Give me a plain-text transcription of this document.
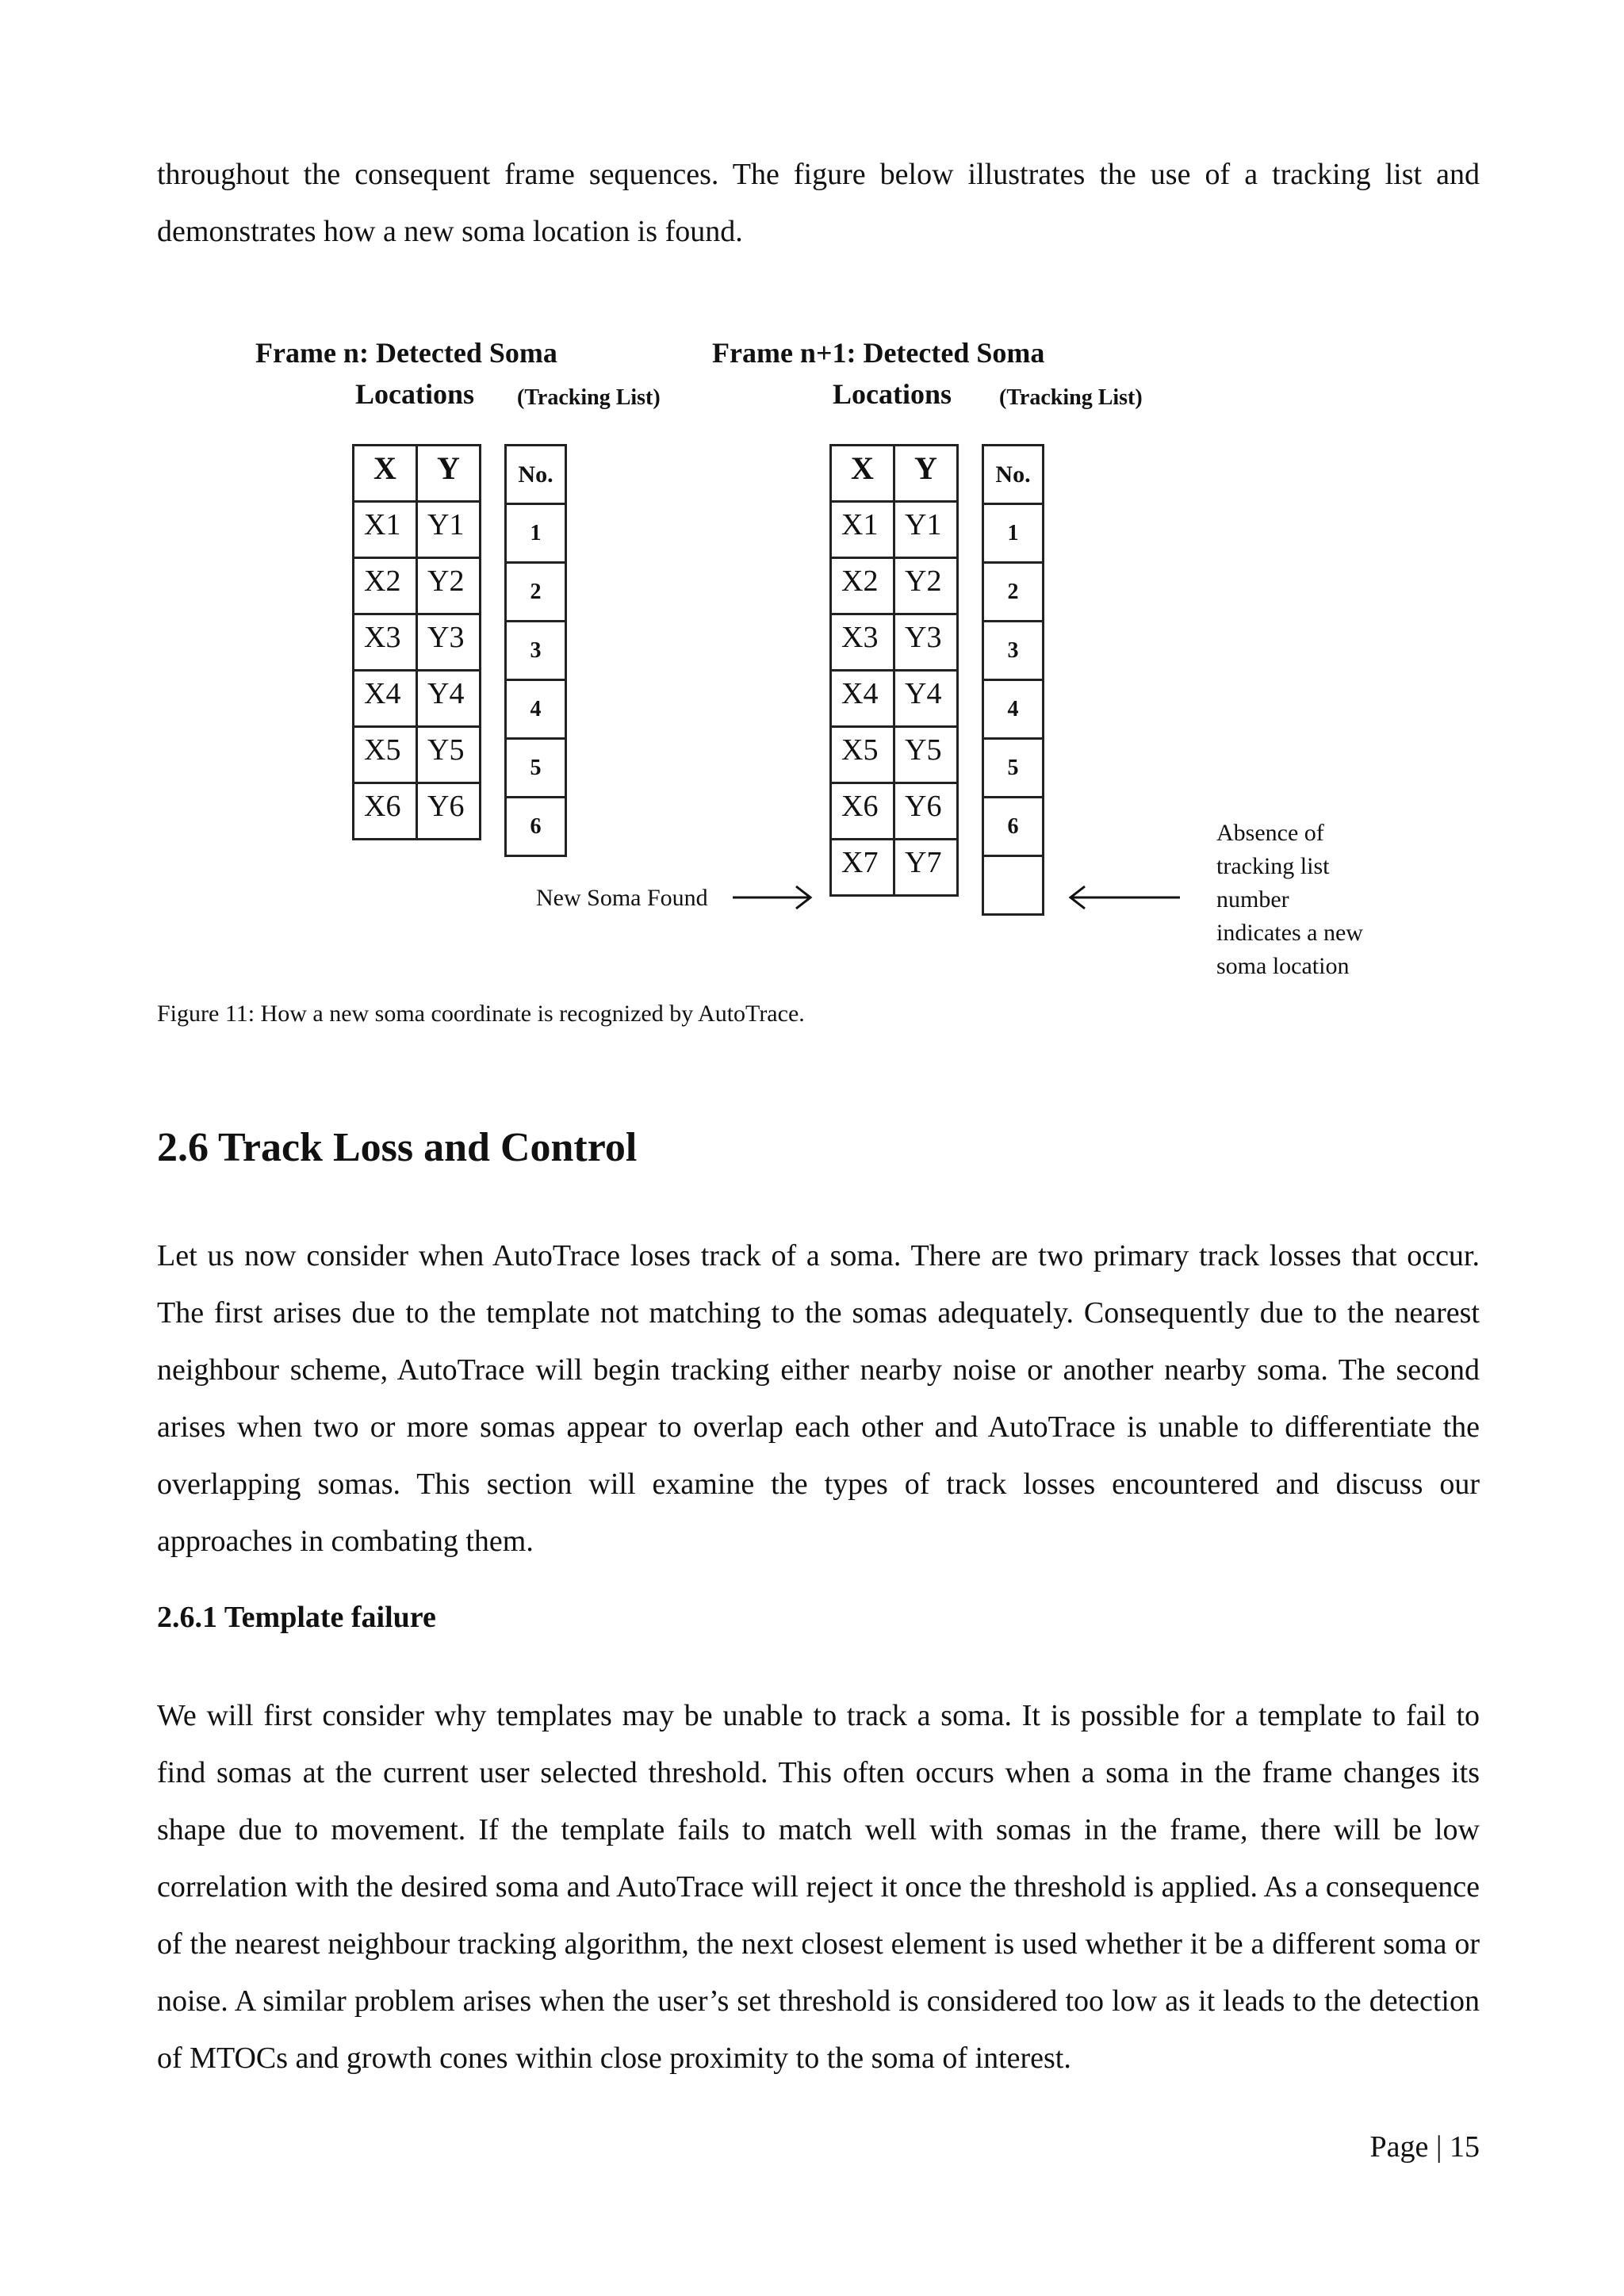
throughout the consequent frame sequences. The figure below illustrates the use of a tracking list and demonstrates how a new soma location is found.

Frame n: Detected Soma
Locations (Tracking List)
X	Y
X1	Y1
X2	Y2
X3	Y3
X4	Y4
X5	Y5
X6	Y6
No.
1
2
3
4
5
6
Frame n+1: Detected Soma
Locations (Tracking List)
X	Y
X1	Y1
X2	Y2
X3	Y3
X4	Y4
X5	Y5
X6	Y6
X7	Y7
No.
1
2
3
4
5
6

New Soma Found
Absence of
tracking list
number
indicates a new
soma location
Figure 11: How a new soma coordinate is recognized by AutoTrace.
2.6 Track Loss and Control

Let us now consider when AutoTrace loses track of a soma. There are two primary track losses that occur. The first arises due to the template not matching to the somas adequately. Consequently due to the nearest neighbour scheme, AutoTrace will begin tracking either nearby noise or another nearby soma. The second arises when two or more somas appear to overlap each other and AutoTrace is unable to differentiate the overlapping somas. This section will examine the types of track losses encountered and discuss our approaches in combating them.

2.6.1 Template failure

We will first consider why templates may be unable to track a soma. It is possible for a template to fail to find somas at the current user selected threshold. This often occurs when a soma in the frame changes its shape due to movement. If the template fails to match well with somas in the frame, there will be low correlation with the desired soma and AutoTrace will reject it once the threshold is applied. As a consequence of the nearest neighbour tracking algorithm, the next closest element is used whether it be a different soma or noise. A similar problem arises when the user’s set threshold is considered too low as it leads to the detection of MTOCs and growth cones within close proximity to the soma of interest.

Page | 15
